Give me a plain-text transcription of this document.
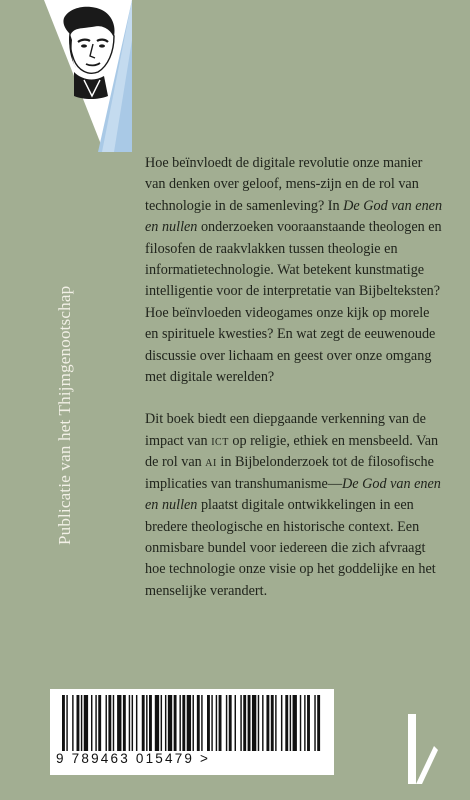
Publicatie van het Thijmgenootschap

Hoe beïnvloedt de digitale revolutie onze manier van denken over geloof, mens-zijn en de rol van technologie in de samenleving? In De God van enen en nullen onderzoeken vooraanstaande theologen en filosofen de raakvlakken tussen theologie en informatietechnologie. Wat betekent kunstmatige intelligentie voor de interpretatie van Bijbelteksten? Hoe beïnvloeden videogames onze kijk op morele en spirituele kwesties? En wat zegt de eeuwenoude discussie over lichaam en geest over onze omgang met digitale werelden?

Dit boek biedt een diepgaande verkenning van de impact van ict op religie, ethiek en mensbeeld. Van de rol van ai in Bijbelonderzoek tot de filosofische implicaties van transhumanisme—De God van enen en nullen plaatst digitale ontwikkelingen in een bredere theologische en historische context. Een onmisbare bundel voor iedereen die zich afvraagt hoe technologie onze visie op het goddelijke en het menselijke verandert.

9 789463 015479 >
